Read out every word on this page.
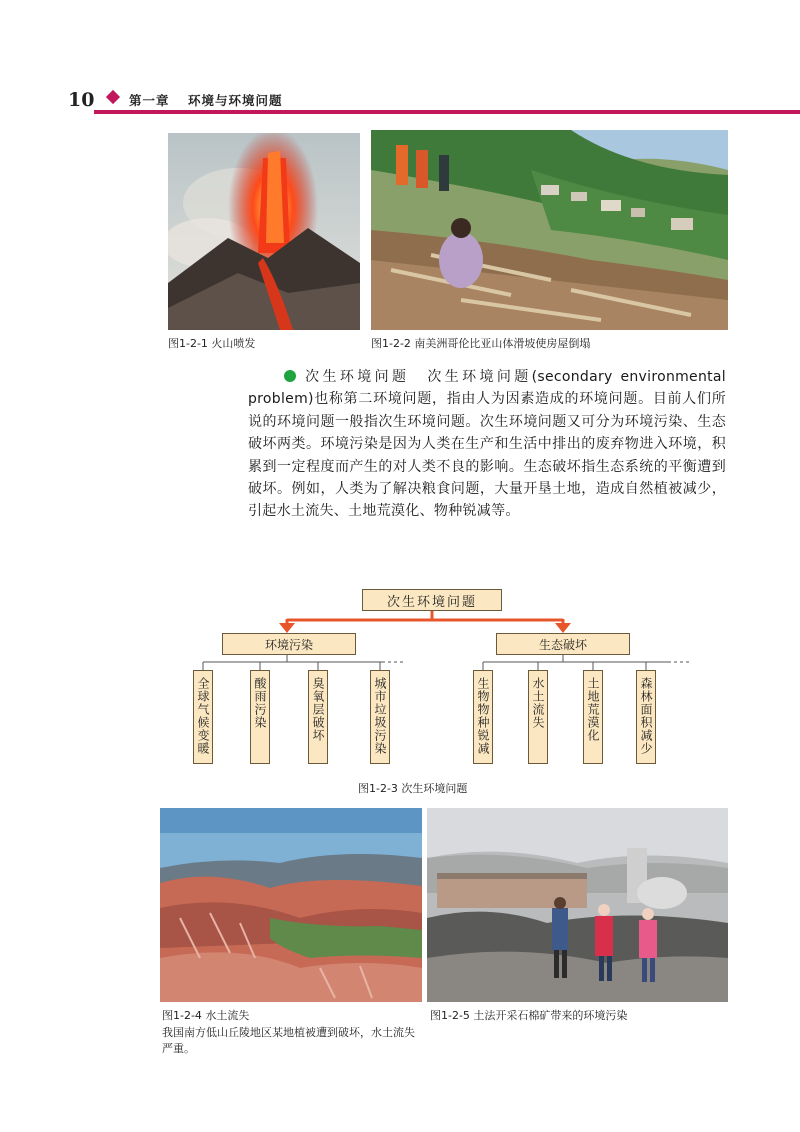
10	第一章 环境与环境问题
图1-2-1 火山喷发	图1-2-2 南美洲哥伦比亚山体滑坡使房屋倒塌
次生环境问题 次生环境问题(secondary environmental problem)也称第二环境问题，指由人为因素造成的环境问题。目前人们所说的环境问题一般指次生环境问题。次生环境问题又可分为环境污染、生态破坏两类。环境污染是因为人类在生产和生活中排出的废弃物进入环境，积累到一定程度而产生的对人类不良的影响。生态破坏指生态系统的平衡遭到破坏。例如，人类为了解决粮食问题，大量开垦土地，造成自然植被减少，引起水土流失、土地荒漠化、物种锐减等。
次生环境问题
环境污染	生态破坏
全球气候变暖	酸雨污染	臭氧层破坏	城市垃圾污染	生物物种锐减	水土流失	土地荒漠化	森林面积减少
图1-2-3 次生环境问题
图1-2-4 水土流失
我国南方低山丘陵地区某地植被遭到破坏，水土流失严重。
图1-2-5 土法开采石棉矿带来的环境污染
